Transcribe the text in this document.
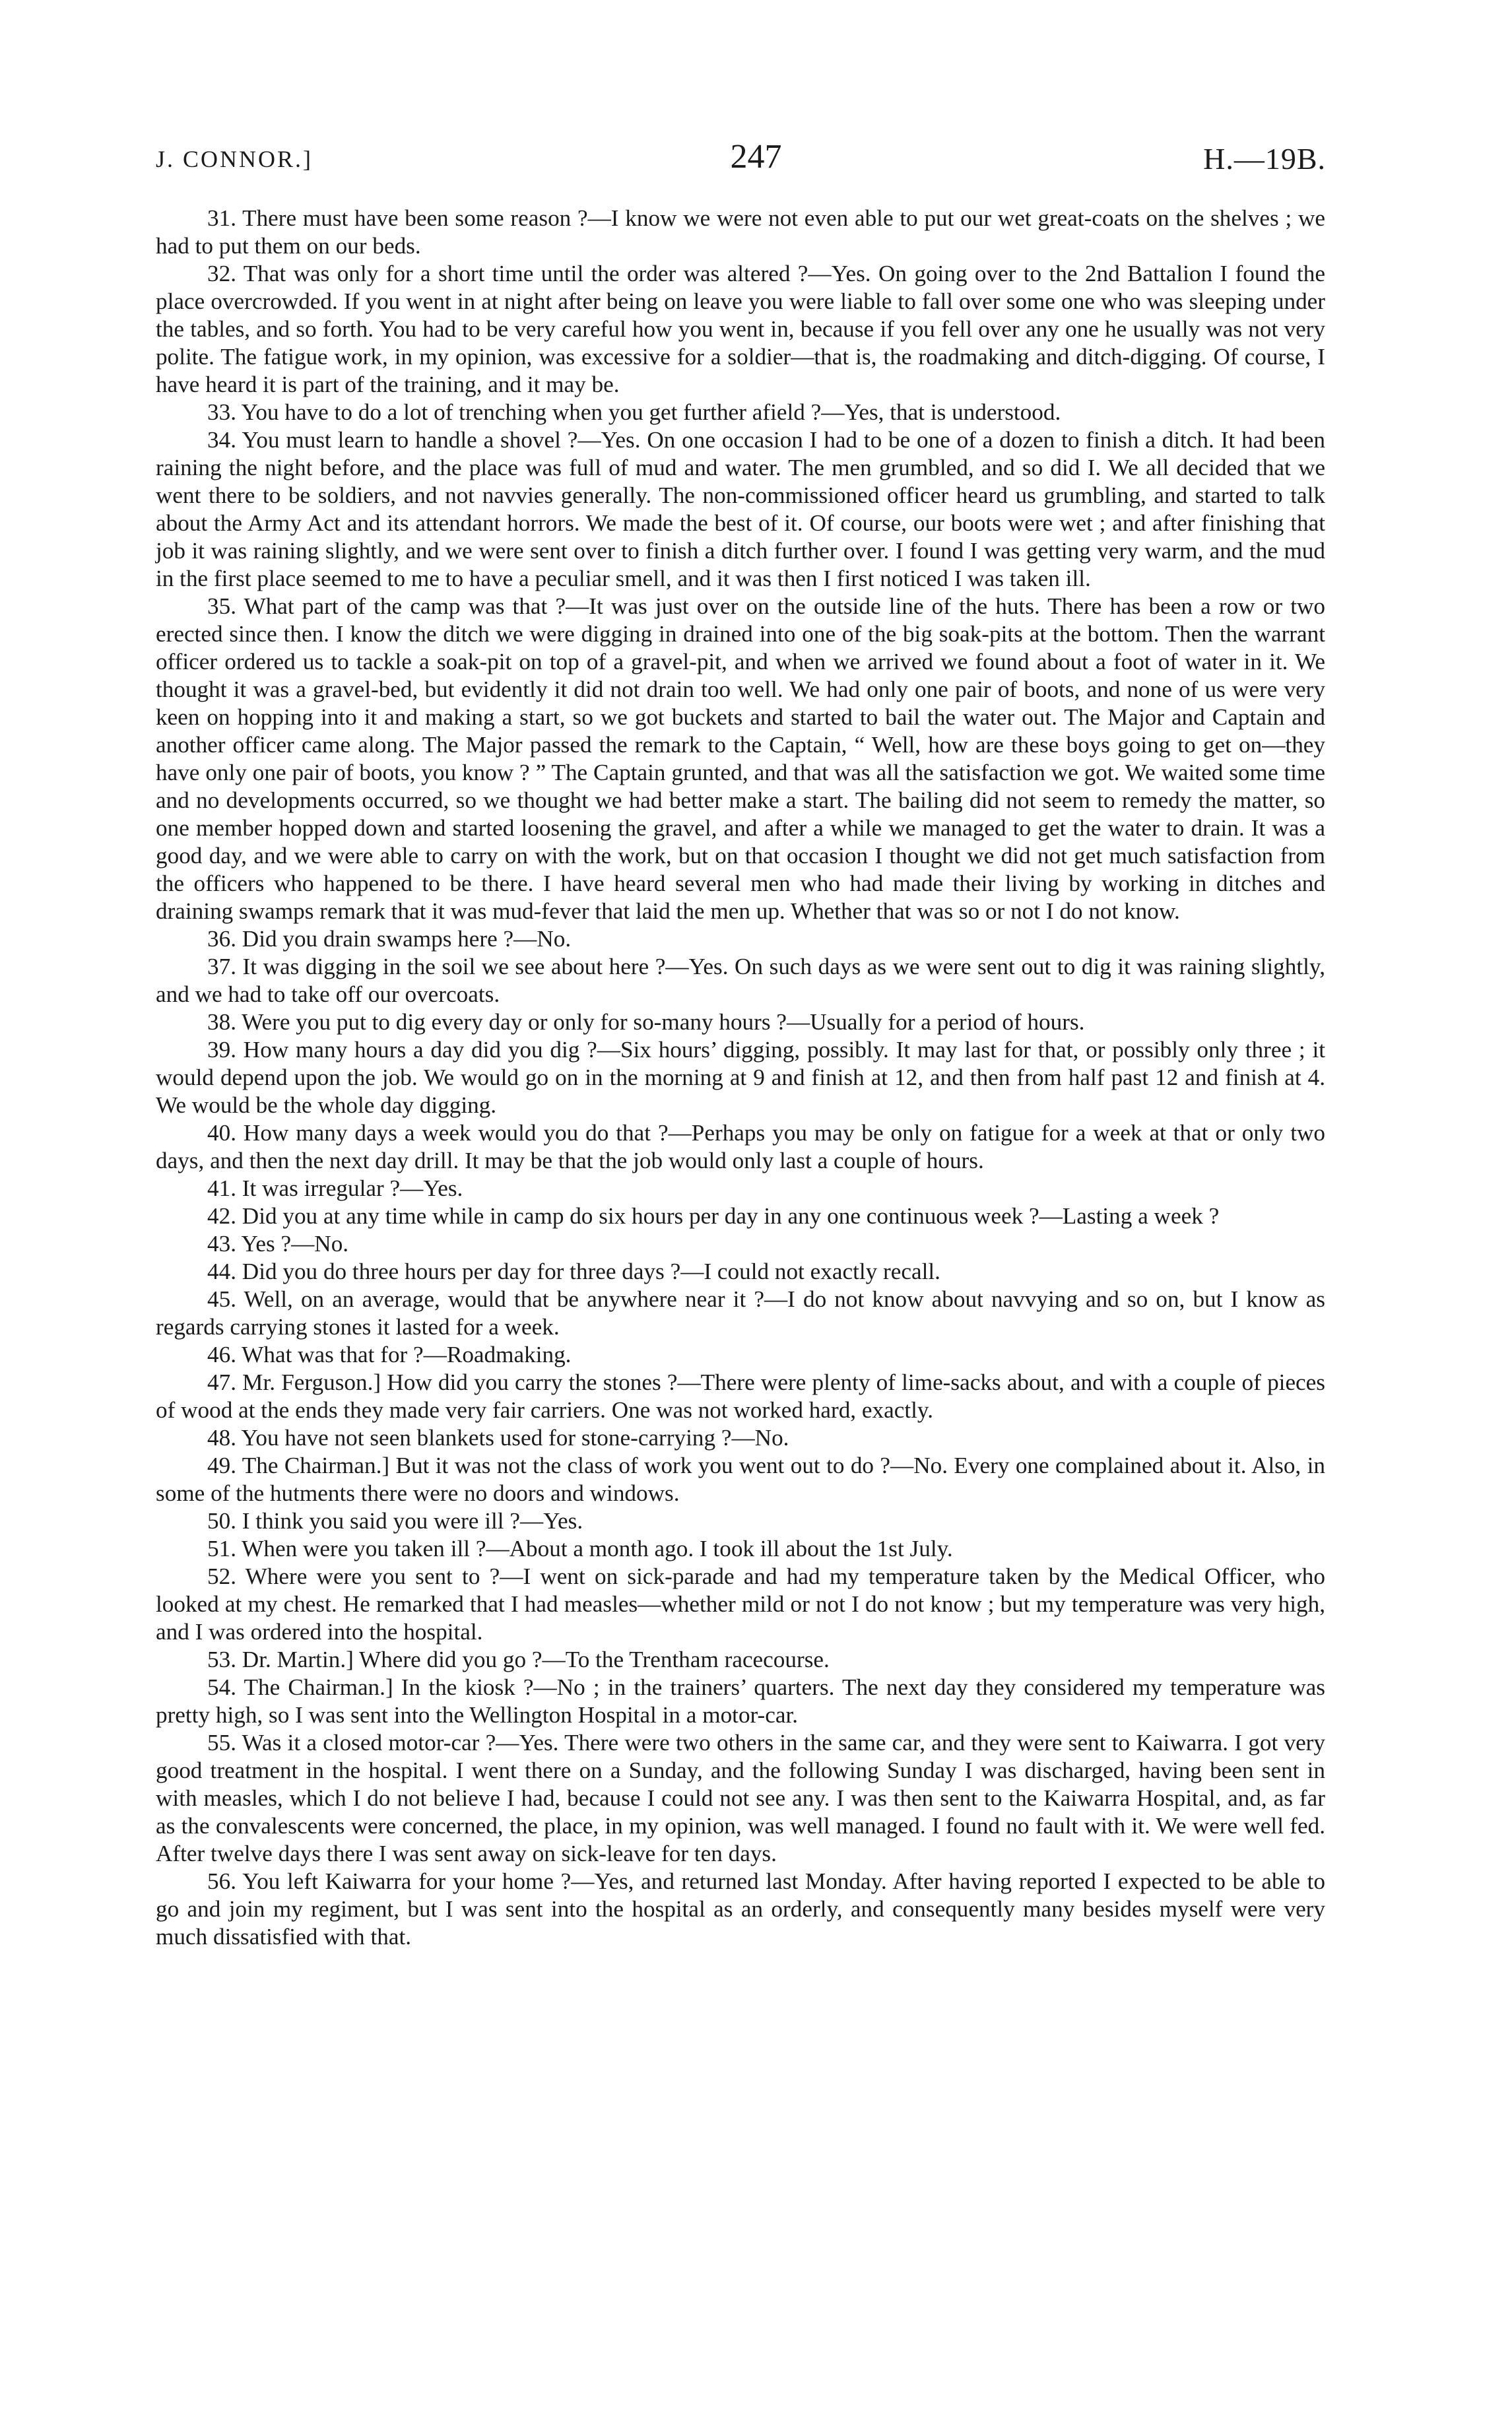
J. CONNOR.]	247	H.—19B.

31. There must have been some reason ?—I know we were not even able to put our wet great-coats on the shelves ; we had to put them on our beds.

32. That was only for a short time until the order was altered ?—Yes. On going over to the 2nd Battalion I found the place overcrowded. If you went in at night after being on leave you were liable to fall over some one who was sleeping under the tables, and so forth. You had to be very careful how you went in, because if you fell over any one he usually was not very polite. The fatigue work, in my opinion, was excessive for a soldier—that is, the roadmaking and ditch-digging. Of course, I have heard it is part of the training, and it may be.

33. You have to do a lot of trenching when you get further afield ?—Yes, that is understood.

34. You must learn to handle a shovel ?—Yes. On one occasion I had to be one of a dozen to finish a ditch. It had been raining the night before, and the place was full of mud and water. The men grumbled, and so did I. We all decided that we went there to be soldiers, and not navvies generally. The non-commissioned officer heard us grumbling, and started to talk about the Army Act and its attendant horrors. We made the best of it. Of course, our boots were wet ; and after finishing that job it was raining slightly, and we were sent over to finish a ditch further over. I found I was getting very warm, and the mud in the first place seemed to me to have a peculiar smell, and it was then I first noticed I was taken ill.

35. What part of the camp was that ?—It was just over on the outside line of the huts. There has been a row or two erected since then. I know the ditch we were digging in drained into one of the big soak-pits at the bottom. Then the warrant officer ordered us to tackle a soak-pit on top of a gravel-pit, and when we arrived we found about a foot of water in it. We thought it was a gravel-bed, but evidently it did not drain too well. We had only one pair of boots, and none of us were very keen on hopping into it and making a start, so we got buckets and started to bail the water out. The Major and Captain and another officer came along. The Major passed the remark to the Captain, “ Well, how are these boys going to get on—they have only one pair of boots, you know ? ” The Captain grunted, and that was all the satisfaction we got. We waited some time and no developments occurred, so we thought we had better make a start. The bailing did not seem to remedy the matter, so one member hopped down and started loosening the gravel, and after a while we managed to get the water to drain. It was a good day, and we were able to carry on with the work, but on that occasion I thought we did not get much satisfaction from the officers who happened to be there. I have heard several men who had made their living by working in ditches and draining swamps remark that it was mud-fever that laid the men up. Whether that was so or not I do not know.

36. Did you drain swamps here ?—No.

37. It was digging in the soil we see about here ?—Yes. On such days as we were sent out to dig it was raining slightly, and we had to take off our overcoats.

38. Were you put to dig every day or only for so-many hours ?—Usually for a period of hours.

39. How many hours a day did you dig ?—Six hours’ digging, possibly. It may last for that, or possibly only three ; it would depend upon the job. We would go on in the morning at 9 and finish at 12, and then from half past 12 and finish at 4. We would be the whole day digging.

40. How many days a week would you do that ?—Perhaps you may be only on fatigue for a week at that or only two days, and then the next day drill. It may be that the job would only last a couple of hours.

41. It was irregular ?—Yes.

42. Did you at any time while in camp do six hours per day in any one continuous week ?—Lasting a week ?

43. Yes ?—No.

44. Did you do three hours per day for three days ?—I could not exactly recall.

45. Well, on an average, would that be anywhere near it ?—I do not know about navvying and so on, but I know as regards carrying stones it lasted for a week.

46. What was that for ?—Roadmaking.

47. Mr. Ferguson.] How did you carry the stones ?—There were plenty of lime-sacks about, and with a couple of pieces of wood at the ends they made very fair carriers. One was not worked hard, exactly.

48. You have not seen blankets used for stone-carrying ?—No.

49. The Chairman.] But it was not the class of work you went out to do ?—No. Every one complained about it. Also, in some of the hutments there were no doors and windows.

50. I think you said you were ill ?—Yes.

51. When were you taken ill ?—About a month ago. I took ill about the 1st July.

52. Where were you sent to ?—I went on sick-parade and had my temperature taken by the Medical Officer, who looked at my chest. He remarked that I had measles—whether mild or not I do not know ; but my temperature was very high, and I was ordered into the hospital.

53. Dr. Martin.] Where did you go ?—To the Trentham racecourse.

54. The Chairman.] In the kiosk ?—No ; in the trainers’ quarters. The next day they considered my temperature was pretty high, so I was sent into the Wellington Hospital in a motor-car.

55. Was it a closed motor-car ?—Yes. There were two others in the same car, and they were sent to Kaiwarra. I got very good treatment in the hospital. I went there on a Sunday, and the following Sunday I was discharged, having been sent in with measles, which I do not believe I had, because I could not see any. I was then sent to the Kaiwarra Hospital, and, as far as the convalescents were concerned, the place, in my opinion, was well managed. I found no fault with it. We were well fed. After twelve days there I was sent away on sick-leave for ten days.

56. You left Kaiwarra for your home ?—Yes, and returned last Monday. After having reported I expected to be able to go and join my regiment, but I was sent into the hospital as an orderly, and consequently many besides myself were very much dissatisfied with that.
